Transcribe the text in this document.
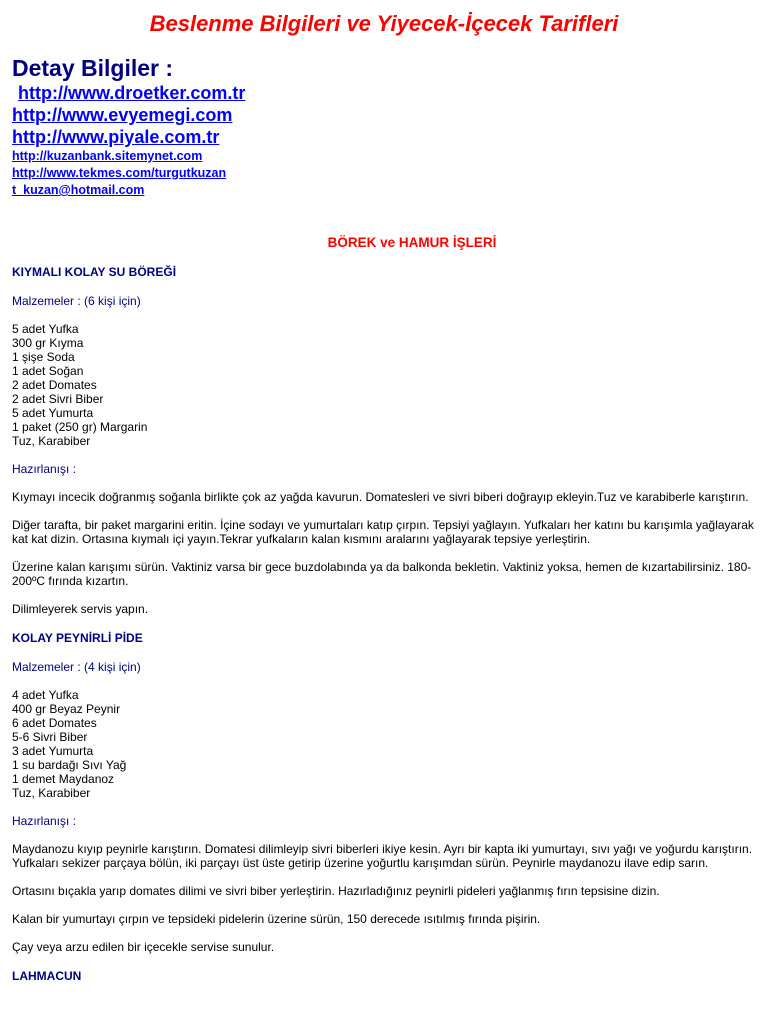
Beslenme Bilgileri ve Yiyecek-İçecek Tarifleri
Detay Bilgiler :
http://www.droetker.com.tr
http://www.evyemegi.com
http://www.piyale.com.tr
http://kuzanbank.sitemynet.com
http://www.tekmes.com/turgutkuzan
t_kuzan@hotmail.com
BÖREK ve HAMUR İŞLERİ
KIYMALI KOLAY SU BÖREĞİ

Malzemeler : (6 kişi için)

5 adet Yufka
300 gr Kıyma
1 şişe Soda
1 adet Soğan
2 adet Domates
2 adet Sivri Biber
5 adet Yumurta
1 paket (250 gr) Margarin
Tuz, Karabiber

Hazırlanışı :

Kıymayı incecik doğranmış soğanla birlikte çok az yağda kavurun. Domatesleri ve sivri biberi doğrayıp ekleyin.Tuz ve karabiberle karıştırın.

Diğer tarafta, bir paket margarini eritin. İçine sodayı ve yumurtaları katıp çırpın. Tepsiyi yağlayın. Yufkaları her katını bu karışımla yağlayarak kat kat dizin. Ortasına kıymalı içi yayın.Tekrar yufkaların kalan kısmını aralarını yağlayarak tepsiye yerleştirin.

Üzerine kalan karışımı sürün. Vaktiniz varsa bir gece buzdolabında ya da balkonda bekletin. Vaktiniz yoksa, hemen de kızartabilirsiniz. 180-200ºC fırında kızartın.

Dilimleyerek servis yapın.

KOLAY PEYNİRLİ PİDE

Malzemeler : (4 kişi için)

4 adet Yufka
400 gr Beyaz Peynir
6 adet Domates
5-6 Sivri Biber
3 adet Yumurta
1 su bardağı Sıvı Yağ
1 demet Maydanoz
Tuz, Karabiber

Hazırlanışı :

Maydanozu kıyıp peynirle karıştırın. Domatesi dilimleyip sivri biberleri ikiye kesin. Ayrı bir kapta iki yumurtayı, sıvı yağı ve yoğurdu karıştırın. Yufkaları sekizer parçaya bölün, iki parçayı üst üste getirip üzerine yoğurtlu karışımdan sürün. Peynirle maydanozu ilave edip sarın.

Ortasını bıçakla yarıp domates dilimi ve sivri biber yerleştirin. Hazırladığınız peynirli pideleri yağlanmış fırın tepsisine dizin.

Kalan bir yumurtayı çırpın ve tepsideki pidelerin üzerine sürün, 150 derecede ısıtılmış fırında pişirin.

Çay veya arzu edilen bir içecekle servise sunulur.

LAHMACUN
